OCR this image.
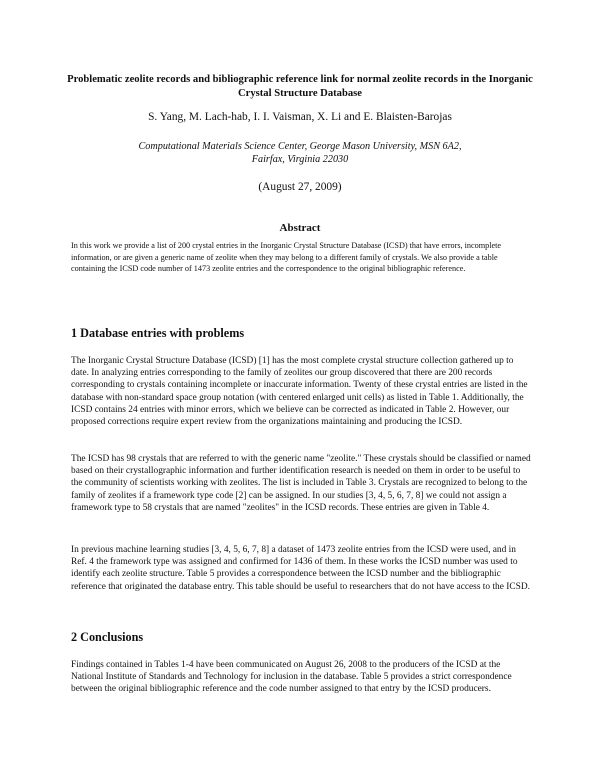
Problematic zeolite records and bibliographic reference link for normal zeolite records in the Inorganic Crystal Structure Database
S. Yang, M. Lach-hab, I. I. Vaisman, X. Li and E. Blaisten-Barojas
Computational Materials Science Center, George Mason University, MSN 6A2,
Fairfax, Virginia 22030
(August 27, 2009)
Abstract
In this work we provide a list of 200 crystal entries in the Inorganic Crystal Structure Database (ICSD) that have errors, incomplete information, or are given a generic name of zeolite when they may belong to a different family of crystals. We also provide a table containing the ICSD code number of 1473 zeolite entries and the correspondence to the original bibliographic reference.
1 Database entries with problems

The Inorganic Crystal Structure Database (ICSD) [1] has the most complete crystal structure collection gathered up to date. In analyzing entries corresponding to the family of zeolites our group discovered that there are 200 records corresponding to crystals containing incomplete or inaccurate information. Twenty of these crystal entries are listed in the database with non-standard space group notation (with centered enlarged unit cells) as listed in Table 1. Additionally, the ICSD contains 24 entries with minor errors, which we believe can be corrected as indicated in Table 2. However, our proposed corrections require expert review from the organizations maintaining and producing the ICSD.

The ICSD has 98 crystals that are referred to with the generic name "zeolite." These crystals should be classified or named based on their crystallographic information and further identification research is needed on them in order to be useful to the community of scientists working with zeolites. The list is included in Table 3. Crystals are recognized to belong to the family of zeolites if a framework type code [2] can be assigned. In our studies [3, 4, 5, 6, 7, 8] we could not assign a framework type to 58 crystals that are named "zeolites" in the ICSD records. These entries are given in Table 4.

In previous machine learning studies [3, 4, 5, 6, 7, 8] a dataset of 1473 zeolite entries from the ICSD were used, and in Ref. 4 the framework type was assigned and confirmed for 1436 of them. In these works the ICSD number was used to identify each zeolite structure. Table 5 provides a correspondence between the ICSD number and the bibliographic reference that originated the database entry. This table should be useful to researchers that do not have access to the ICSD.

2 Conclusions

Findings contained in Tables 1-4 have been communicated on August 26, 2008 to the producers of the ICSD at the National Institute of Standards and Technology for inclusion in the database. Table 5 provides a strict correspondence between the original bibliographic reference and the code number assigned to that entry by the ICSD producers.
